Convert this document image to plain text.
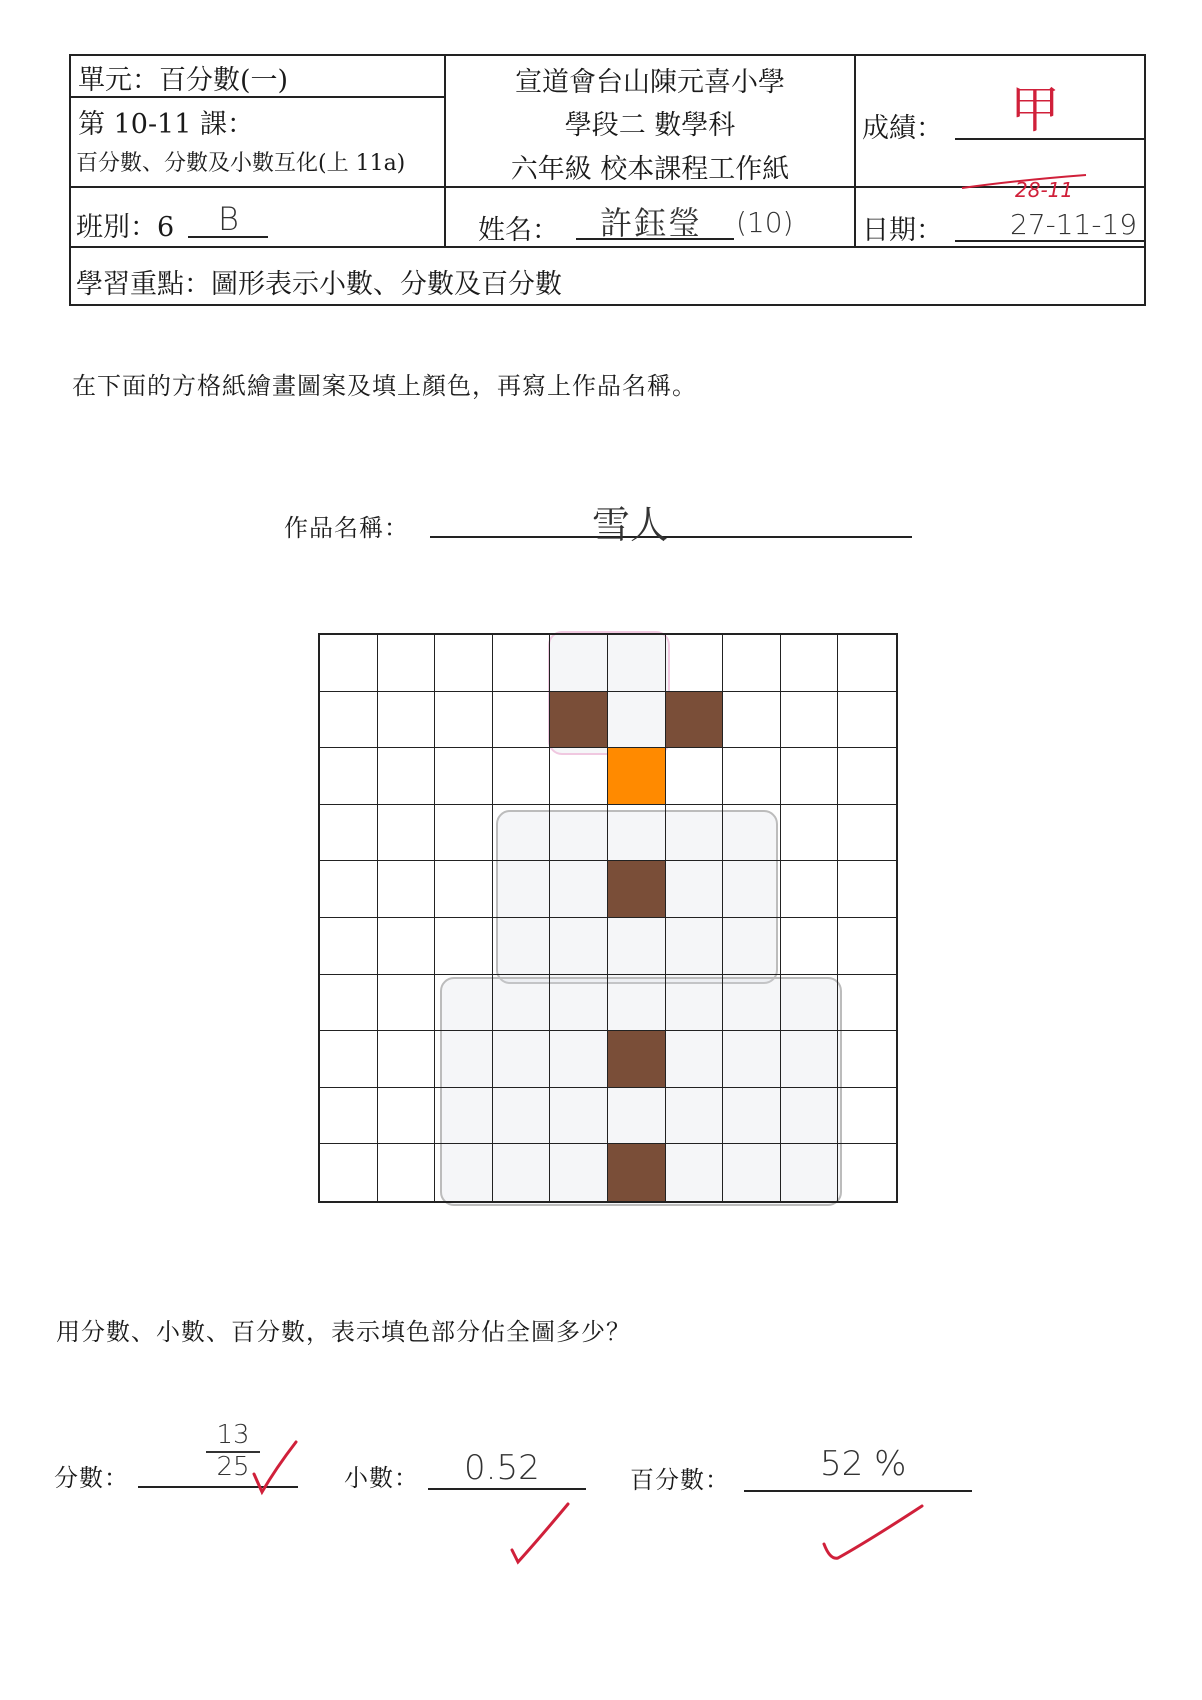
單元：百分數(一)
第 10-11 課：
百分數、分數及小數互化(上 11a)
宣道會台山陳元喜小學
學段二 數學科
六年級 校本課程工作紙
成績： 甲
28-11
班別：6 B	姓名： 許鈺瑩 (10)	日期： 27-11-19
學習重點：圖形表示小數、分數及百分數
在下面的方格紙繪畫圖案及填上顏色，再寫上作品名稱。
作品名稱：	雪人
用分數、小數、百分數，表示填色部分佔全圖多少？
分數：
13
25	小數： 0.52	百分數：	52 %
